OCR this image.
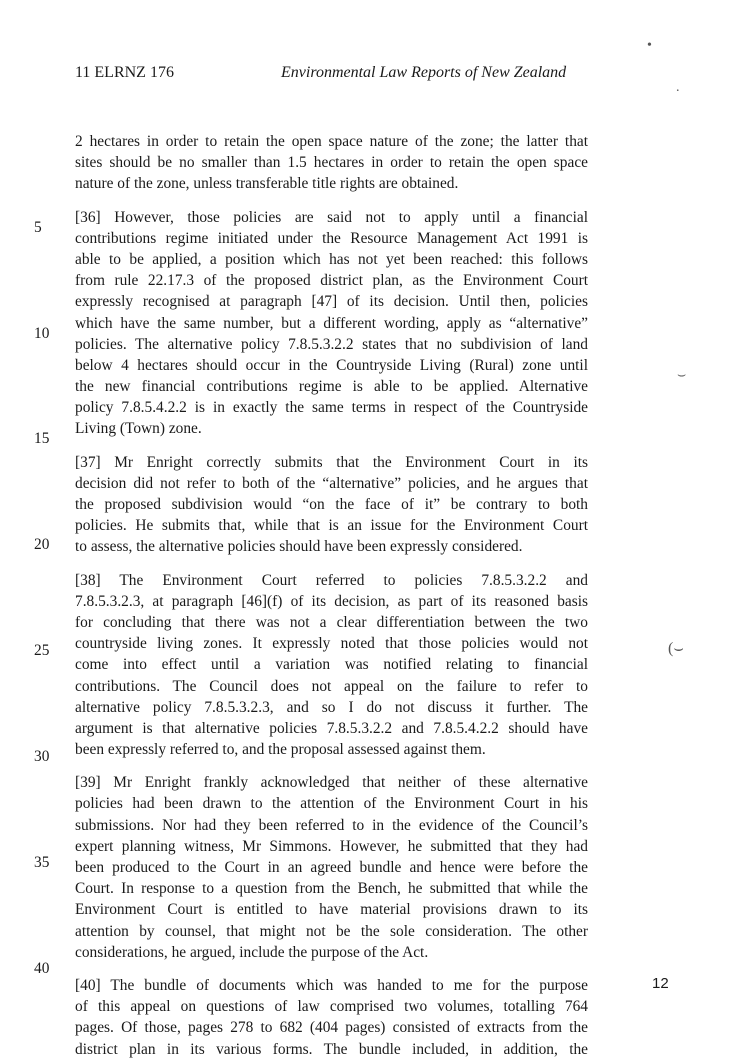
11 ELRNZ 176	Environmental Law Reports of New Zealand
5
10
15
20
25
30
35
40
2 hectares in order to retain the open space nature of the zone; the latter that
sites should be no smaller than 1.5 hectares in order to retain the open space
nature of the zone, unless transferable title rights are obtained.
[36] However, those policies are said not to apply until a financial
contributions regime initiated under the Resource Management Act 1991 is
able to be applied, a position which has not yet been reached: this follows
from rule 22.17.3 of the proposed district plan, as the Environment Court
expressly recognised at paragraph [47] of its decision. Until then, policies
which have the same number, but a different wording, apply as “alternative”
policies. The alternative policy 7.8.5.3.2.2 states that no subdivision of land
below 4 hectares should occur in the Countryside Living (Rural) zone until
the new financial contributions regime is able to be applied. Alternative
policy 7.8.5.4.2.2 is in exactly the same terms in respect of the Countryside
Living (Town) zone.
[37] Mr Enright correctly submits that the Environment Court in its
decision did not refer to both of the “alternative” policies, and he argues that
the proposed subdivision would “on the face of it” be contrary to both
policies. He submits that, while that is an issue for the Environment Court
to assess, the alternative policies should have been expressly considered.
[38] The Environment Court referred to policies 7.8.5.3.2.2 and
7.8.5.3.2.3, at paragraph [46](f) of its decision, as part of its reasoned basis
for concluding that there was not a clear differentiation between the two
countryside living zones. It expressly noted that those policies would not
come into effect until a variation was notified relating to financial
contributions. The Council does not appeal on the failure to refer to
alternative policy 7.8.5.3.2.3, and so I do not discuss it further. The
argument is that alternative policies 7.8.5.3.2.2 and 7.8.5.4.2.2 should have
been expressly referred to, and the proposal assessed against them.
[39] Mr Enright frankly acknowledged that neither of these alternative
policies had been drawn to the attention of the Environment Court in his
submissions. Nor had they been referred to in the evidence of the Council’s
expert planning witness, Mr Simmons. However, he submitted that they had
been produced to the Court in an agreed bundle and hence were before the
Court. In response to a question from the Bench, he submitted that while the
Environment Court is entitled to have material provisions drawn to its
attention by counsel, that might not be the sole consideration. The other
considerations, he argued, include the purpose of the Act.
[40] The bundle of documents which was handed to me for the purpose
of this appeal on questions of law comprised two volumes, totalling 764
pages. Of those, pages 278 to 682 (404 pages) consisted of extracts from the
district plan in its various forms. The bundle included, in addition, the
•
.
⌣
(⌣
12
